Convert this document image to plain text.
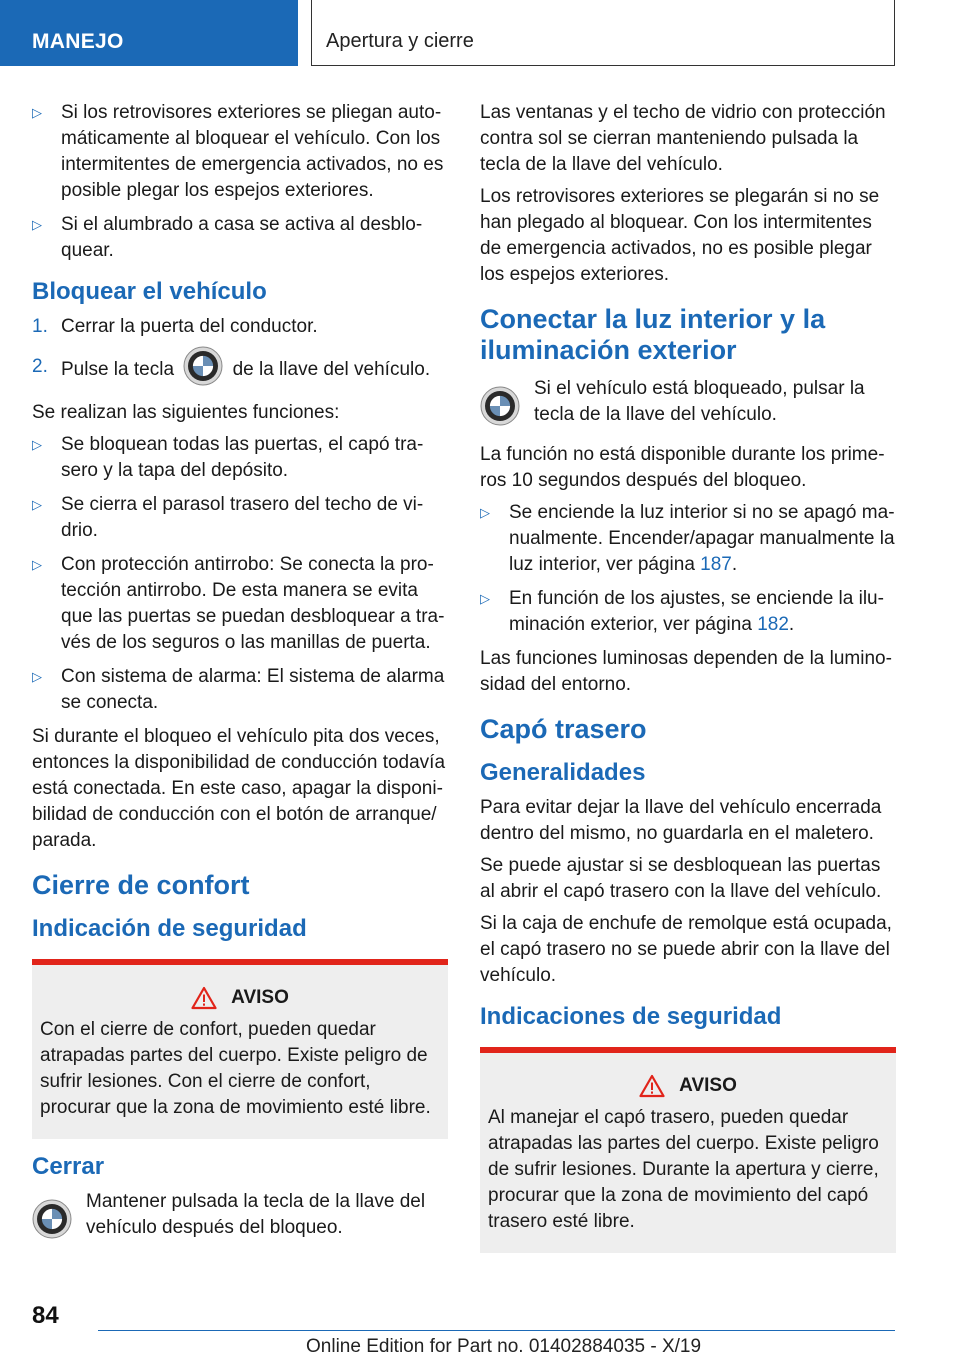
MANEJO	Apertura y cierre
▷ Si los retrovisores exteriores se pliegan automáticamente al bloquear el vehículo. Con los intermitentes de emergencia activados, no es posible plegar los espejos exteriores.
▷ Si el alumbrado a casa se activa al desbloquear.
Bloquear el vehículo
1. Cerrar la puerta del conductor.
2. Pulse la tecla	de la llave del vehículo.

Se realizan las siguientes funciones:

▷ Se bloquean todas las puertas, el capó trasero y la tapa del depósito.
▷ Se cierra el parasol trasero del techo de vidrio.
▷ Con protección antirrobo: Se conecta la protección antirrobo. De esta manera se evita que las puertas se puedan desbloquear a través de los seguros o las manillas de puerta.
▷ Con sistema de alarma: El sistema de alarma se conecta.

Si durante el bloqueo el vehículo pita dos veces, entonces la disponibilidad de conducción todavía está conectada. En este caso, apagar la disponibilidad de conducción con el botón de arranque/ parada.

Cierre de confort
Indicación de seguridad
AVISO

Con el cierre de confort, pueden quedar atrapadas partes del cuerpo. Existe peligro de sufrir lesiones. Con el cierre de confort, procurar que la zona de movimiento esté libre.

Cerrar

Mantener pulsada la tecla de la llave del vehículo después del bloqueo.

Las ventanas y el techo de vidrio con protección contra sol se cierran manteniendo pulsada la tecla de la llave del vehículo.

Los retrovisores exteriores se plegarán si no se han plegado al bloquear. Con los intermitentes de emergencia activados, no es posible plegar los espejos exteriores.

Conectar la luz interior y la iluminación exterior

Si el vehículo está bloqueado, pulsar la tecla de la llave del vehículo.

La función no está disponible durante los primeros 10 segundos después del bloqueo.

▷ Se enciende la luz interior si no se apagó manualmente. Encender/apagar manualmente la luz interior, ver página 187.
▷ En función de los ajustes, se enciende la iluminación exterior, ver página 182.

Las funciones luminosas dependen de la luminosidad del entorno.

Capó trasero
Generalidades

Para evitar dejar la llave del vehículo encerrada dentro del mismo, no guardarla en el maletero.

Se puede ajustar si se desbloquean las puertas al abrir el capó trasero con la llave del vehículo.

Si la caja de enchufe de remolque está ocupada, el capó trasero no se puede abrir con la llave del vehículo.

Indicaciones de seguridad
AVISO

Al manejar el capó trasero, pueden quedar atrapadas las partes del cuerpo. Existe peligro de sufrir lesiones. Durante la apertura y cierre, procurar que la zona de movimiento del capó trasero esté libre.

84
Online Edition for Part no. 01402884035 - X/19
